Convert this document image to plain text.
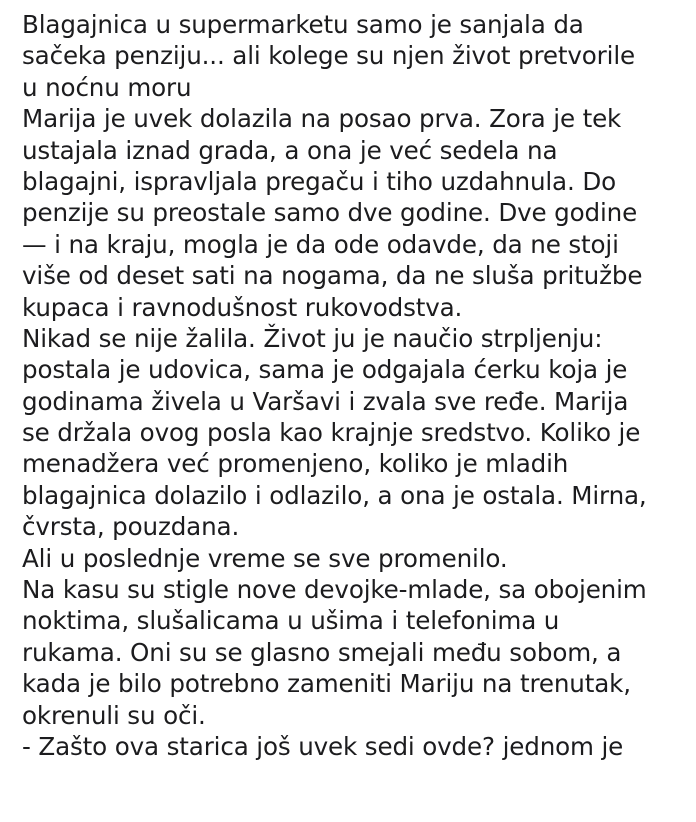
Blagajnica u supermarketu samo je sanjala da
sačeka penziju... ali kolege su njen život pretvorile
u noćnu moru
Marija je uvek dolazila na posao prva. Zora je tek
ustajala iznad grada, a ona je već sedela na
blagajni, ispravljala pregaču i tiho uzdahnula. Do
penzije su preostale samo dve godine. Dve godine
— i na kraju, mogla je da ode odavde, da ne stoji
više od deset sati na nogama, da ne sluša pritužbe
kupaca i ravnodušnost rukovodstva.
Nikad se nije žalila. Život ju je naučio strpljenju:
postala je udovica, sama je odgajala ćerku koja je
godinama živela u Varšavi i zvala sve ređe. Marija
se držala ovog posla kao krajnje sredstvo. Koliko je
menadžera već promenjeno, koliko je mladih
blagajnica dolazilo i odlazilo, a ona je ostala. Mirna,
čvrsta, pouzdana.
Ali u poslednje vreme se sve promenilo.
Na kasu su stigle nove devojke-mlade, sa obojenim
noktima, slušalicama u ušima i telefonima u
rukama. Oni su se glasno smejali među sobom, a
kada je bilo potrebno zameniti Mariju na trenutak,
okrenuli su oči.
- Zašto ova starica još uvek sedi ovde? jednom je
